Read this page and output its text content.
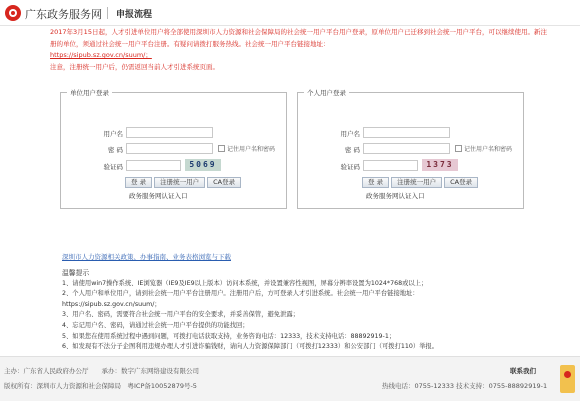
广东政务服务网 申报流程

2017年3月15日起，人才引进单位用户将全部使用深圳市人力资源和社会保障局的社会统一用户平台用户登录，原单位用户已迁移到社会统一用户平台，可以继续使用。新注册的单位，须通过社会统一用户平台注册。有疑问请拨打服务热线。社会统一用户平台链接地址：

https://sipub.sz.gov.cn/suum/；

注意，注册统一用户后，仍需返回当前人才引进系统页面。

单位用户登录
用户名
密 码	记住用户名和密码
验证码	5069
登 录	注册统一用户	CA登录
政务服务网认证入口
个人用户登录
用户名
密 码	记住用户名和密码
验证码	1373
登 录	注册统一用户	CA登录
政务服务网认证入口
深圳市人力资源相关政策、办事指南、业务表格浏览与下载
温馨提示
1、请使用win7操作系统、IE浏览器（IE9及IE9以上版本）访问本系统，并设置兼容性视图，屏幕分辨率设置为1024*768或以上；
2、个人用户和单位用户，请到社会统一用户平台注册用户。注册用户后，方可登录人才引进系统。社会统一用户平台链接地址：
https://sipub.sz.gov.cn/suum/；
3、用户名、密码，需要符合社会统一用户平台的安全要求，并妥善保管，避免泄露；
4、忘记用户名、密码，请通过社会统一用户平台提供的功能找回；
5、如果您在使用系统过程中遇到问题，可拨打电话获取支持，业务咨询电话：12333，技术支持电话：88892919-1；
6、如发现有不法分子企图利用违规办理人才引进诈骗钱财，请向人力资源保障部门（可拨打12333）和公安部门（可拨打110）举报。
主办：广东省人民政府办公厅　　承办：数字广东网络建设有限公司
版权所有：深圳市人力资源和社会保障局　粤ICP备10052879号-5
联系我们
热线电话：0755-12333 技术支持：0755-88892919-1
